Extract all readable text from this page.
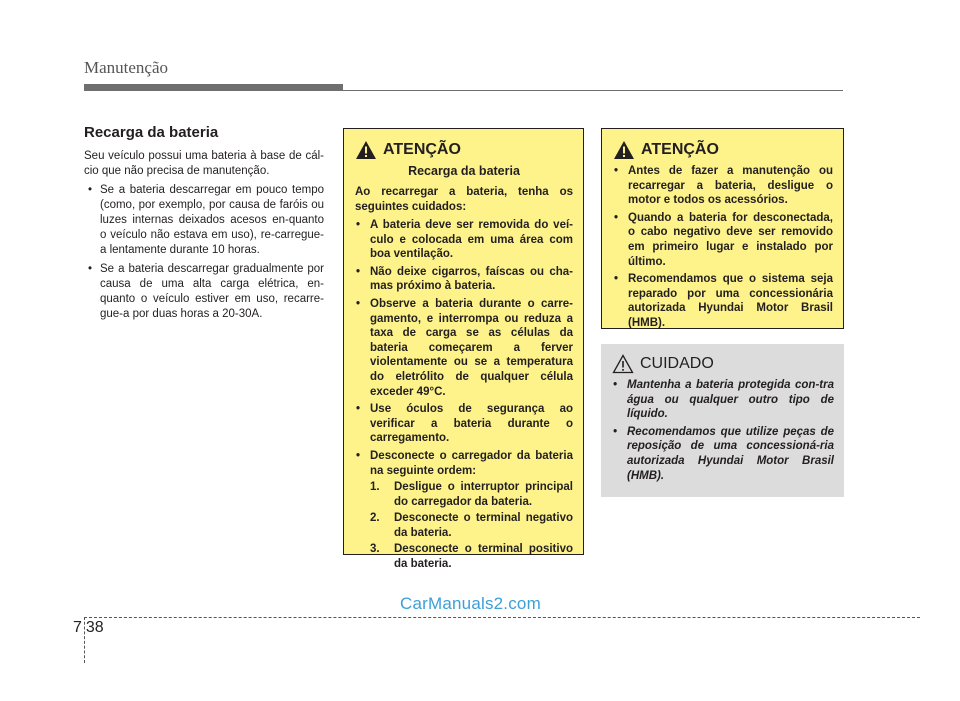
Manutenção
Recarga da bateria

Seu veículo possui uma bateria à base de cál-cio que não precisa de manutenção.

• Se a bateria descarregar em pouco tempo (como, por exemplo, por causa de faróis ou luzes internas deixados acesos en-quanto o veículo não estava em uso), re-carregue-a lentamente durante 10 horas.
• Se a bateria descarregar gradualmente por causa de uma alta carga elétrica, en-quanto o veículo estiver em uso, recarre-gue-a por duas horas a 20-30A.
ATENÇÃO
Recarga da bateria

Ao recarregar a bateria, tenha os seguintes cuidados:

• A bateria deve ser removida do veí-culo e colocada em uma área com boa ventilação.
• Não deixe cigarros, faíscas ou cha-mas próximo à bateria.
• Observe a bateria durante o carre-gamento, e interrompa ou reduza a taxa de carga se as células da bateria começarem a ferver violentamente ou se a temperatura do eletrólito de qualquer célula exceder 49°C.
• Use óculos de segurança ao verificar a bateria durante o carregamento.
• Desconecte o carregador da bateria na seguinte ordem:
1. Desligue o interruptor principal do carregador da bateria.
2. Desconecte o terminal negativo da bateria.
3. Desconecte o terminal positivo da bateria.
ATENÇÃO
• Antes de fazer a manutenção ou recarregar a bateria, desligue o motor e todos os acessórios.
• Quando a bateria for desconectada, o cabo negativo deve ser removido em primeiro lugar e instalado por último.
• Recomendamos que o sistema seja reparado por uma concessionária autorizada Hyundai Motor Brasil (HMB).
CUIDADO
• Mantenha a bateria protegida con-tra água ou qualquer outro tipo de líquido.
• Recomendamos que utilize peças de reposição de uma concessioná-ria autorizada Hyundai Motor Brasil (HMB).
CarManuals2.com
7 38
